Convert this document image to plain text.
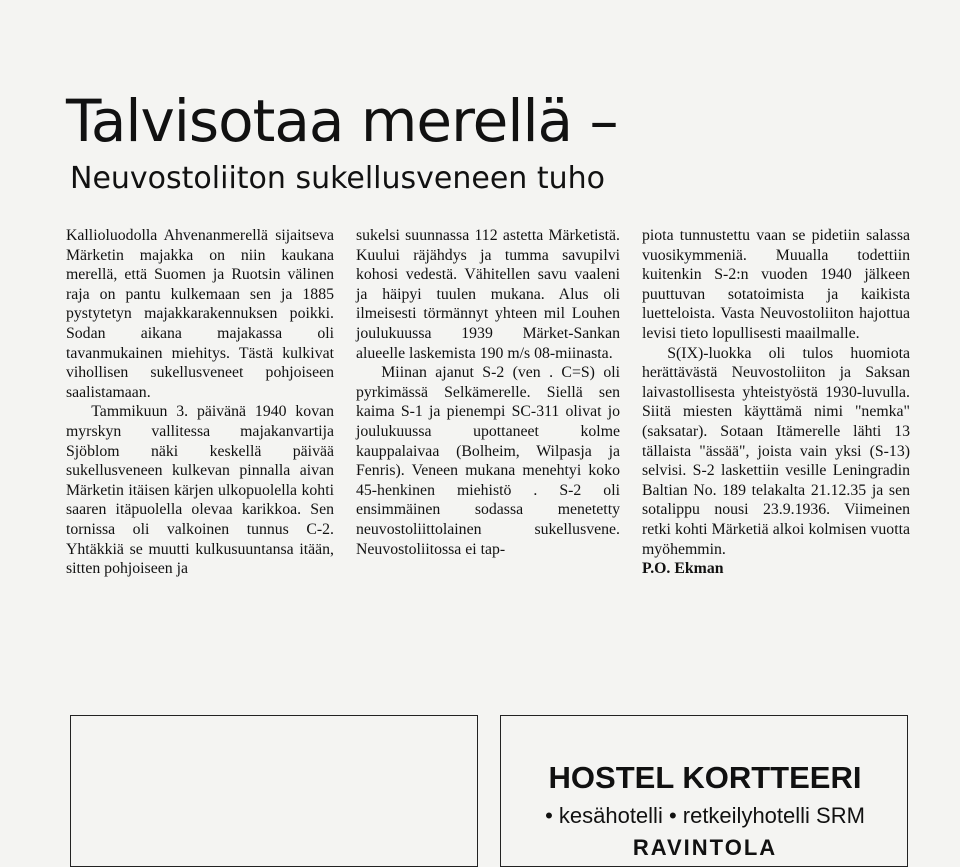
Talvisotaa merellä –
Neuvostoliiton sukellusveneen tuho

Kallioluodolla Ahvenanmerellä sijaitseva Märketin majakka on niin kaukana merellä, että Suomen ja Ruotsin välinen raja on pantu kulkemaan sen ja 1885 pystytetyn majakkarakennuksen poikki. Sodan aikana majakassa oli tavanmukainen miehitys. Tästä kulkivat vihollisen sukellusveneet pohjoiseen saalistamaan.

Tammikuun 3. päivänä 1940 kovan myrskyn vallitessa majakanvartija Sjöblom näki keskellä päivää sukellusveneen kulkevan pinnalla aivan Märketin itäisen kärjen ulkopuolella kohti saaren itäpuolella olevaa karikkoa. Sen tornissa oli valkoinen tunnus C-2. Yhtäkkiä se muutti kulkusuuntansa itään, sitten pohjoiseen ja

sukelsi suunnassa 112 astetta Märketistä. Kuului räjähdys ja tumma savupilvi kohosi vedestä. Vähitellen savu vaaleni ja häipyi tuulen mukana. Alus oli ilmeisesti törmännyt yhteen mil Louhen joulukuussa 1939 Märket-Sankan alueelle laskemista 190 m/s 08-miinasta.

Miinan ajanut S-2 (ven . C=S) oli pyrkimässä Selkämerelle. Siellä sen kaima S-1 ja pienempi SC-311 olivat jo joulukuussa upottaneet kolme kauppalaivaa (Bolheim, Wilpasja ja Fenris). Veneen mukana menehtyi koko 45-henkinen miehistö . S-2 oli ensimmäinen sodassa menetetty neuvostoliittolainen sukellusvene. Neuvostoliitossa ei tap-

piota tunnustettu vaan se pidetiin salassa vuosikymmeniä. Muualla todettiin kuitenkin S-2:n vuoden 1940 jälkeen puuttuvan sotatoimista ja kaikista luetteloista. Vasta Neuvostoliiton hajottua levisi tieto lopullisesti maailmalle.

S(IX)-luokka oli tulos huomiota herättävästä Neuvostoliiton ja Saksan laivastollisesta yhteistyöstä 1930-luvulla. Siitä miesten käyttämä nimi "nemka" (saksatar). Sotaan Itämerelle lähti 13 tällaista "ässää", joista vain yksi (S-13) selvisi. S-2 laskettiin vesille Leningradin Baltian No. 189 telakalta 21.12.35 ja sen sotalippu nousi 23.9.1936. Viimeinen retki kohti Märketiä alkoi kolmisen vuotta myöhemmin.

P.O. Ekman

HOSTEL KORTTEERI

• kesähotelli • retkeilyhotelli SRM

RAVINTOLA
